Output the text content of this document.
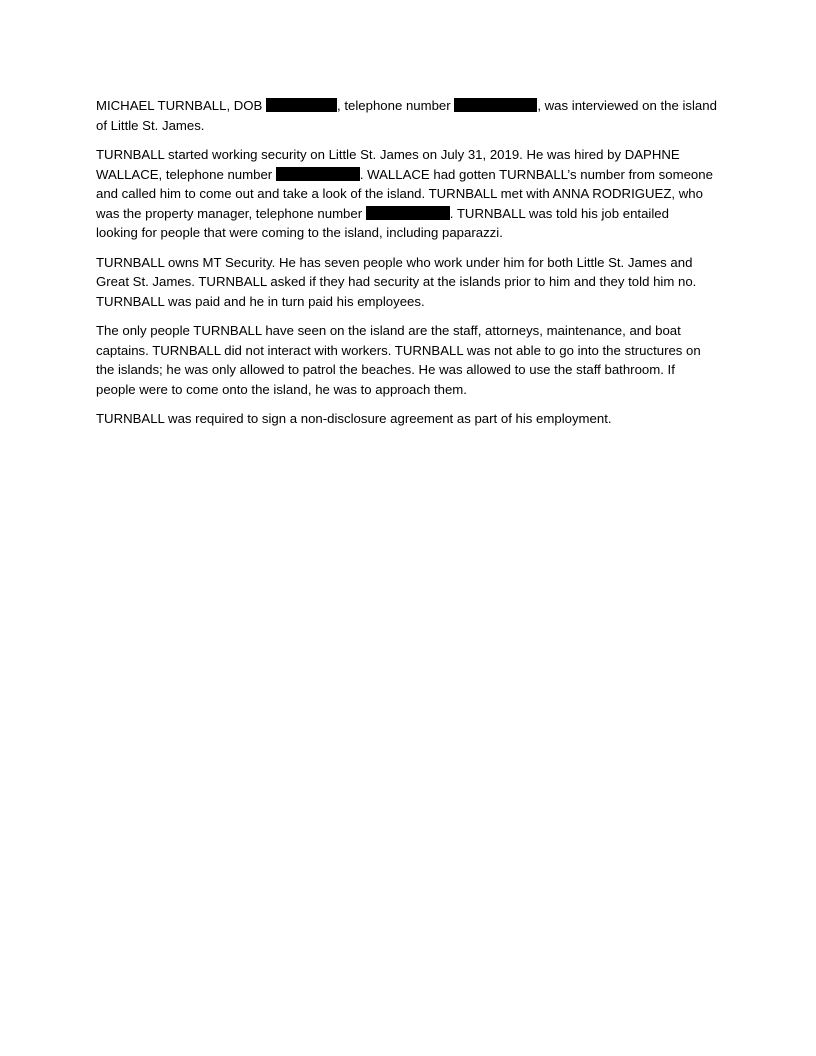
MICHAEL TURNBALL, DOB	, telephone number	, was interviewed on the island
of Little St. James.

TURNBALL started working security on Little St. James on July 31, 2019. He was hired by DAPHNE
WALLACE, telephone number	. WALLACE had gotten TURNBALL’s number from someone
and called him to come out and take a look of the island. TURNBALL met with ANNA RODRIGUEZ, who
was the property manager, telephone number	. TURNBALL was told his job entailed
looking for people that were coming to the island, including paparazzi.

TURNBALL owns MT Security. He has seven people who work under him for both Little St. James and
Great St. James. TURNBALL asked if they had security at the islands prior to him and they told him no.
TURNBALL was paid and he in turn paid his employees.

The only people TURNBALL have seen on the island are the staff, attorneys, maintenance, and boat
captains. TURNBALL did not interact with workers. TURNBALL was not able to go into the structures on
the islands; he was only allowed to patrol the beaches. He was allowed to use the staff bathroom. If
people were to come onto the island, he was to approach them.

TURNBALL was required to sign a non-disclosure agreement as part of his employment.
